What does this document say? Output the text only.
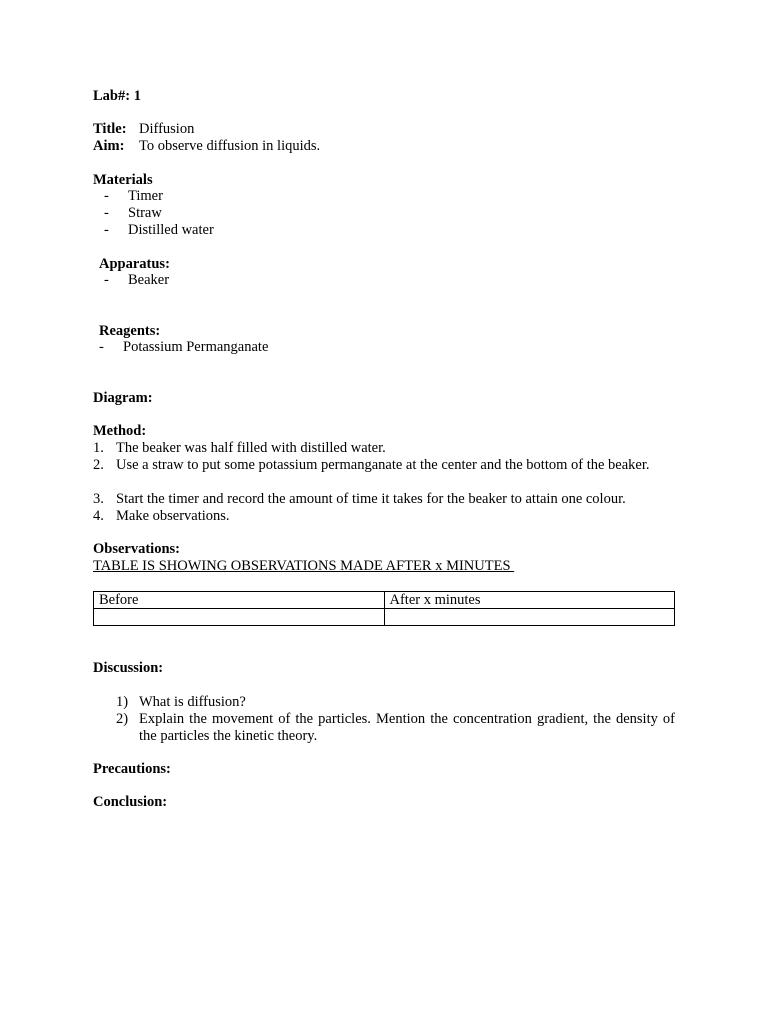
Lab#: 1
Title: Diffusion
Aim: To observe diffusion in liquids.
Materials
- Timer
- Straw
- Distilled water
Apparatus:
- Beaker
Reagents:
- Potassium Permanganate
Diagram:
Method:
1. The beaker was half filled with distilled water.
2. Use a straw to put some potassium permanganate at the center and the bottom of the beaker.
3. Start the timer and record the amount of time it takes for the beaker to attain one colour.
4. Make observations.
Observations:
TABLE IS SHOWING OBSERVATIONS MADE AFTER x MINUTES
Before	After x minutes

Discussion:
1) What is diffusion?
2) Explain the movement of the particles. Mention the concentration gradient, the density of the particles the kinetic theory.
Precautions:
Conclusion:
